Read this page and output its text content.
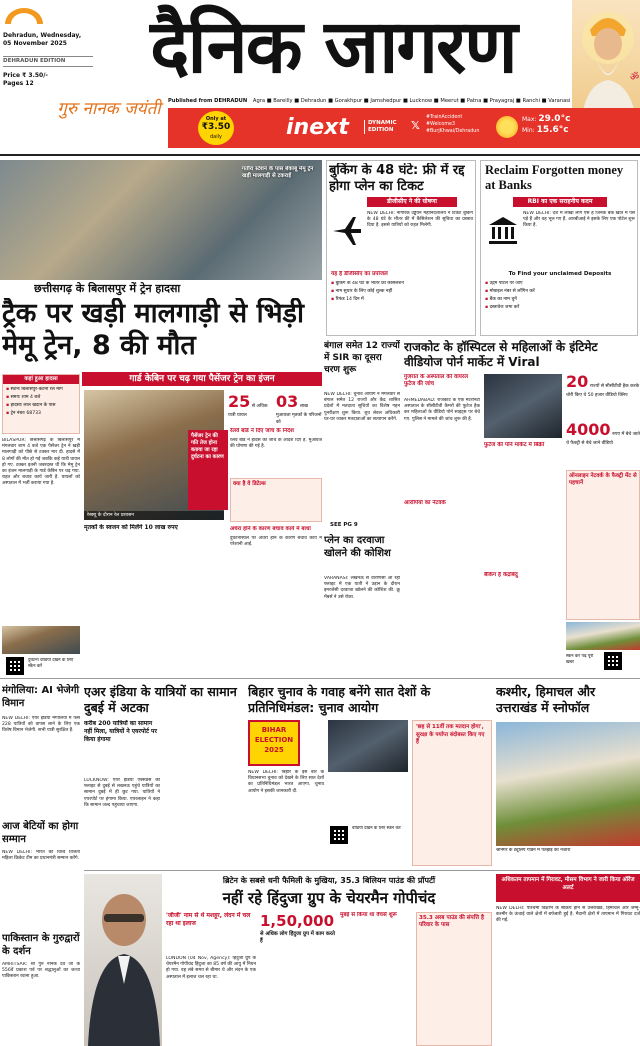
Dehradun, Wednesday,
05 November 2025
DEHRADUN EDITION
Price ₹ 3.50/-
Pages 12	दैनिक जागरण	ॐ
गुरु नानक जयंती	Published from DEHRADUN Agra ■ Bareilly ■ Dehradun ■ Gorakhpur ■ Jamshedpur ■ Lucknow ■ Meerut ■ Patna ■ Prayagraj ■ Ranchi ■ Varanasi
Only at
₹3.50
daily	inext	DYNAMIC EDITION	𝕏
#TrainAccident #Welcome3 #BurjKhwai/Dehradun
Max: 29.0°c
Min: 15.6°c
गतौरा स्टेशन के पास बेकाबू मेमू ट्रेन खड़ी मालगाड़ी से टकराई
छत्तीसगढ़ के बिलासपुर में ट्रेन हादसा
ट्रैक पर खड़ी मालगाड़ी से भिड़ी मेमू ट्रेन, 8 की मौत
गार्ड केबिन पर चढ़ गया पैसेंजर ट्रेन का इंजन
कहां हुआ हादसा
▪ स्थानः बिलासपुर-कटनी रेल मार्ग
▪ समयः शाम 4 बजे
▪ हादसाः लाल खदान के पास
▪ ट्रेन नंबरः 68733
BILASPUR: छत्तीसगढ़ के बिलासपुर में मंगलवार शाम 4 बजे एक पैसेंजर ट्रेन ने खड़ी मालगाड़ी को पीछे से टक्कर मार दी. हादसे में 8 लोगों की मौत हो गई जबकि कई यात्री घायल हो गए. टक्कर इतनी जबरदस्त थी कि मेमू ट्रेन का इंजन मालगाड़ी के गार्ड केबिन पर चढ़ गया. राहत और बचाव कार्य जारी है. घायलों को अस्पताल में भर्ती कराया गया है.
रेस्क्यू के दौरान रेल प्रशासन
पैसेंजर ट्रेन की गति तेज होना बताया जा रहा दुर्घटना का कारण
25 से अधिक यात्री घायल
03 लाख मुआवजा मृतकों के परिजनों को
रेलवे बोर्ड ने दिए जांच के निर्देश
रेलवे बोर्ड ने हादसे की जांच के आदेश दिए हैं. मुआवजे की घोषणा की गई है.
क्या है वे डिटेल्स
अंधेरा होने के कारण बचाव कार्य में बाधा
दुर्घटनास्थल पर अंधेरा होने के कारण बचाव कार्य में परेशानी आई.
मृतकों के स्वजन को मिलेंगे 10 लाख रुपए
दुर्घटना वीडियो देखने के लिए स्कैन करें
बुकिंग के 48 घंटे: फ्री में रद्द होगा प्लेन का टिकट
डीजीसीए ने की घोषणा
NEW DELHI: नागरिक उड्डयन महानिदेशालय ने टिकट बुकिंग के 48 घंटे के भीतर फ्री में कैंसिलेशन की सुविधा का प्रस्ताव दिया है. इससे यात्रियों को राहत मिलेगी.
यह है डीजीसीए का प्रपोजल
▪ बुकिंग के 48 घंटे के भीतर फ्री कैंसिलेशन
▪ नाम सुधार के लिए कोई शुल्क नहीं
▪ रिफंड 14 दिन में
Reclaim Forgotten money at Banks
RBI का एक सराहनीय कदम
NEW DELHI: देश में लाखों लोग ऐसे हैं जिनके बैंक खाते में पैसे पड़े हैं और वह भूल गए हैं. आरबीआई ने इसके लिए एक पोर्टल शुरू किया है.
To Find your unclaimed Deposits
▪ उद्गम पोर्टल पर जाएं
▪ मोबाइल नंबर से लॉगिन करें
▪ बैंक का नाम चुनें
▪ दस्तावेज जमा करें
बंगाल समेत 12 राज्यों में SIR का दूसरा चरण शुरू
NEW DELHI: चुनाव आयोग ने मंगलवार से बंगाल समेत 12 राज्यों और केंद्र शासित प्रदेशों में मतदाता सूचियों का विशेष गहन पुनरीक्षण शुरू किया. बूथ लेवल अधिकारी घर-घर जाकर मतदाताओं का सत्यापन करेंगे.
SEE PG 9
प्लेन का दरवाजा खोलने की कोशिश
VARANASI: लखनऊ से वाराणसी आ रही फ्लाइट में एक यात्री ने उड़ान के दौरान इमरजेंसी दरवाजा खोलने की कोशिश की. क्रू मेंबर्स ने उसे रोका.
राजकोट के हॉस्पिटल से महिलाओं के इंटिमेट वीडियोज पोर्न मार्केट में Viral
गुजरात के अस्पताल की वायरल फुटेज की जांच
AHMEDABAD: राजकोट के एक मैटरनिटी अस्पताल के सीसीटीवी कैमरों की फुटेज हैक कर महिलाओं के वीडियो पोर्न साइट्स पर बेचे गए. पुलिस ने मामले की जांच शुरू की है.
आरोपियों का नेटवर्क
20 राज्यों से सीसीटीवी हैक करके चोरी किए थे 50 हजार वीडियो क्लिप
4000 रुपए में बेचे जाते थे फैक्ट्री से बेचे जाने वीडियो
फुटेज की पोर्न मार्केट में बिक्री
बैंकिंग है केंद्रबिंदु
ऑनलाइन नेटवर्क के फैक्ट्री मेंट से पहचानें
स्कैन कर पढ़ें पूरी खबर
मंगोलिया: AI भेजेगी विमान
NEW DELHI: एयर इंडिया मंगोलिया में फंसे 228 यात्रियों को वापस लाने के लिए एक विशेष विमान भेजेगी. सभी यात्री सुरक्षित हैं.
आज बेटियों का होगा सम्मान
NEW DELHI: भारत की विश्व विजेता महिला क्रिकेट टीम का प्रधानमंत्री सम्मान करेंगे.
पाकिस्तान के गुरुद्वारों के दर्शन
AMRITSAR: श्री गुरु नानक देव जी के 556वें प्रकाश पर्व पर श्रद्धालुओं का जत्था पाकिस्तान रवाना हुआ.
एअर इंडिया के यात्रियों का सामान दुबई में अटका
करीब 200 यात्रियों का सामान नहीं मिला, यात्रियों ने एयरपोर्ट पर किया हंगामा
LUCKNOW: एयर इंडिया एक्सप्रेस की फ्लाइट से दुबई से लखनऊ पहुंचे यात्रियों का सामान दुबई में ही छूट गया. यात्रियों ने एयरपोर्ट पर हंगामा किया. एयरलाइन ने कहा कि सामान जल्द पहुंचाया जाएगा.
बिहार चुनाव के गवाह बनेंगे सात देशों के प्रतिनिधिमंडल: चुनाव आयोग
BIHAR ELECTION 2025
NEW DELHI: बिहार के इस बार के विधानसभा चुनाव को देखने के लिए सात देशों का प्रतिनिधिमंडल भारत आएगा. चुनाव आयोग ने इसकी जानकारी दी.
वीडियो देखने के लिए स्कैन करें
'छह से 11वीं तक मतदान होगा', सुरक्षा के पर्याप्त बंदोबस्त किए गए हैं
कश्मीर, हिमाचल और उत्तराखंड में स्नोफॉल
श्रीनगर के ट्यूलिप गार्डन में पतझड़ का नजारा
ब्रिटेन के सबसे धनी फैमिली के मुखिया, 35.3 बिलियन पाउंड की प्रॉपर्टी
नहीं रहे हिंदुजा ग्रुप के चेयरमैन गोपीचंद
'जीजी' नाम से थे मशहूर, लंदन में चल रहा था इलाज
LONDON (04 Nov, Agency): हिंदुजा ग्रुप के चेयरमैन गोपीचंद हिंदुजा का 85 वर्ष की आयु में निधन हो गया. वह लंबे समय से बीमार थे और लंदन के एक अस्पताल में इलाज चल रहा था.
1,50,000
से अधिक लोग हिंदुजा ग्रुप में काम करते हैं
मुंबई से किया था वेंचर्स शुरू	35.3 अरब पाउंड की संपत्ति है परिवार के पास
अधिकतम तापमान में गिरावट, मौसम विभाग ने जारी किया ऑरेंज अलर्ट
NEW DELHI: पश्चिमी विक्षोभ के सक्रिय होने से उत्तराखंड, हिमाचल और जम्मू-कश्मीर के ऊंचाई वाले क्षेत्रों में बर्फबारी हुई है. मैदानी क्षेत्रों में तापमान में गिरावट दर्ज की गई.
